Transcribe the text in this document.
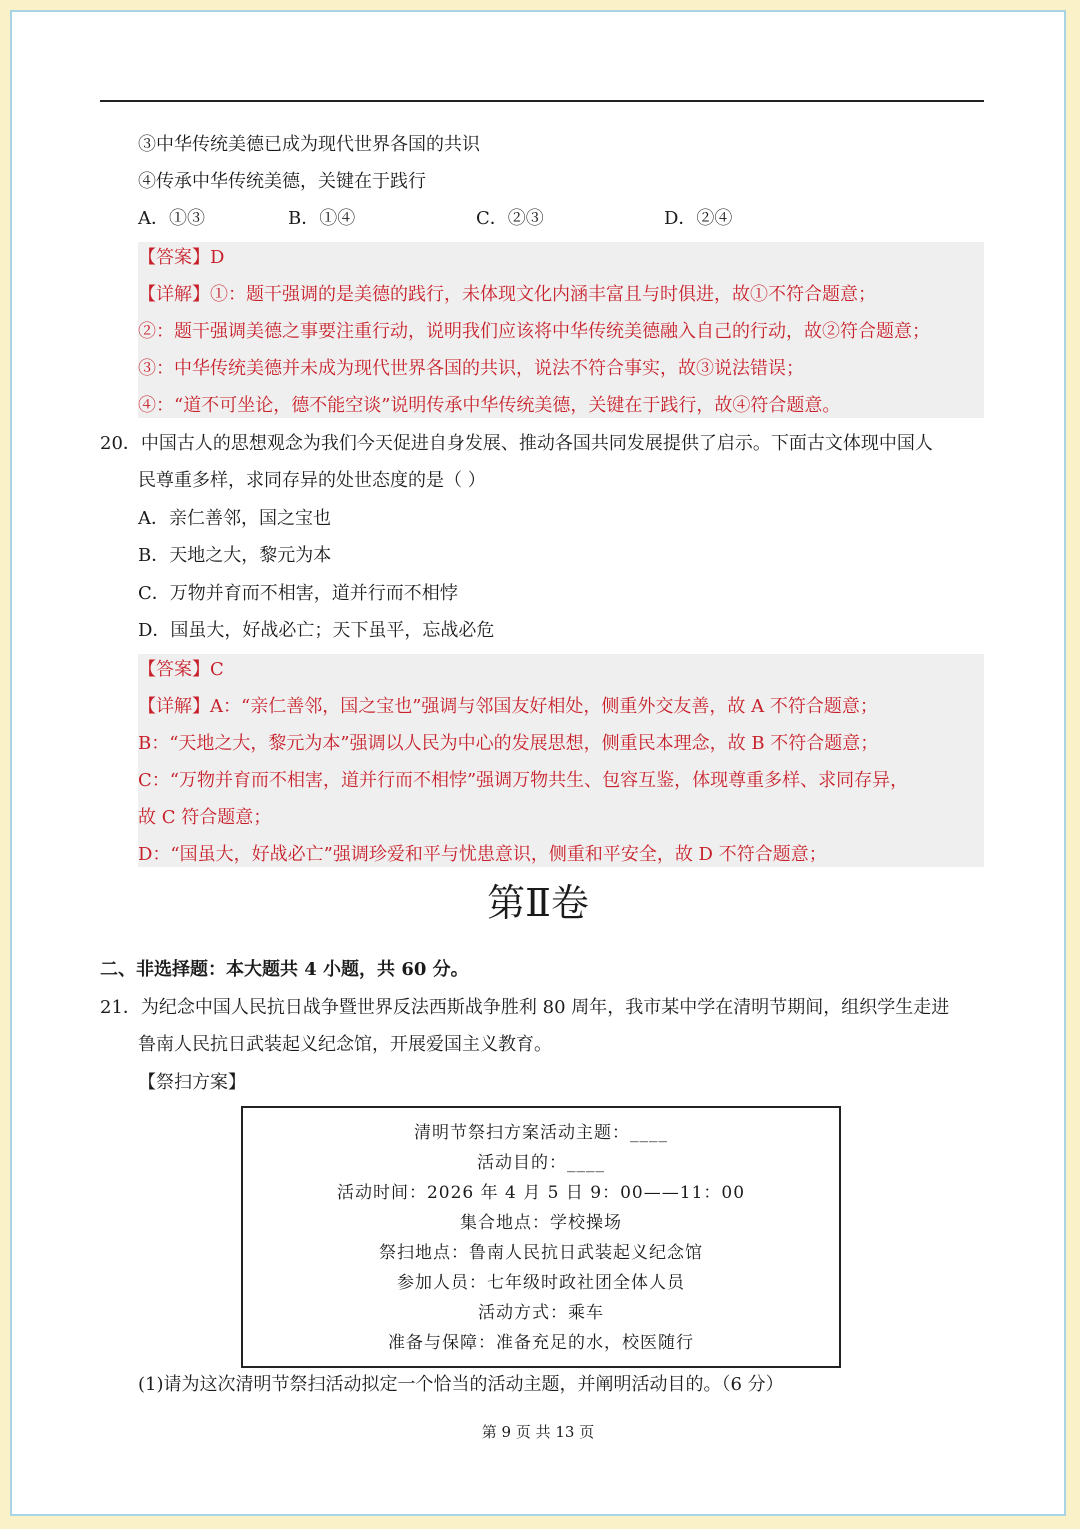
③中华传统美德已成为现代世界各国的共识
④传承中华传统美德，关键在于践行
A．①③	B．①④	C．②③	D．②④
【答案】D
【详解】①：题干强调的是美德的践行，未体现文化内涵丰富且与时俱进，故①不符合题意；
②：题干强调美德之事要注重行动，说明我们应该将中华传统美德融入自己的行动，故②符合题意；
③：中华传统美德并未成为现代世界各国的共识，说法不符合事实，故③说法错误；
④：“道不可坐论，德不能空谈”说明传承中华传统美德，关键在于践行，故④符合题意。
20．中国古人的思想观念为我们今天促进自身发展、推动各国共同发展提供了启示。下面古文体现中国人
民尊重多样，求同存异的处世态度的是（ ）
A．亲仁善邻，国之宝也
B．天地之大，黎元为本
C．万物并育而不相害，道并行而不相悖
D．国虽大，好战必亡；天下虽平，忘战必危
【答案】C
【详解】A：“亲仁善邻，国之宝也”强调与邻国友好相处，侧重外交友善，故 A 不符合题意；
B：“天地之大，黎元为本”强调以人民为中心的发展思想，侧重民本理念，故 B 不符合题意；
C：“万物并育而不相害，道并行而不相悖”强调万物共生、包容互鉴，体现尊重多样、求同存异，
故 C 符合题意；
D：“国虽大，好战必亡”强调珍爱和平与忧患意识，侧重和平安全，故 D 不符合题意；
第Ⅱ卷
二、非选择题：本大题共 4 小题，共 60 分。
21．为纪念中国人民抗日战争暨世界反法西斯战争胜利 80 周年，我市某中学在清明节期间，组织学生走进
鲁南人民抗日武装起义纪念馆，开展爱国主义教育。
【祭扫方案】
清明节祭扫方案活动主题：____
活动目的：____
活动时间：2026 年 4 月 5 日 9：00——11：00
集合地点：学校操场
祭扫地点：鲁南人民抗日武装起义纪念馆
参加人员：七年级时政社团全体人员
活动方式：乘车
准备与保障：准备充足的水，校医随行
(1)请为这次清明节祭扫活动拟定一个恰当的活动主题，并阐明活动目的。（6 分）
第 9 页 共 13 页
